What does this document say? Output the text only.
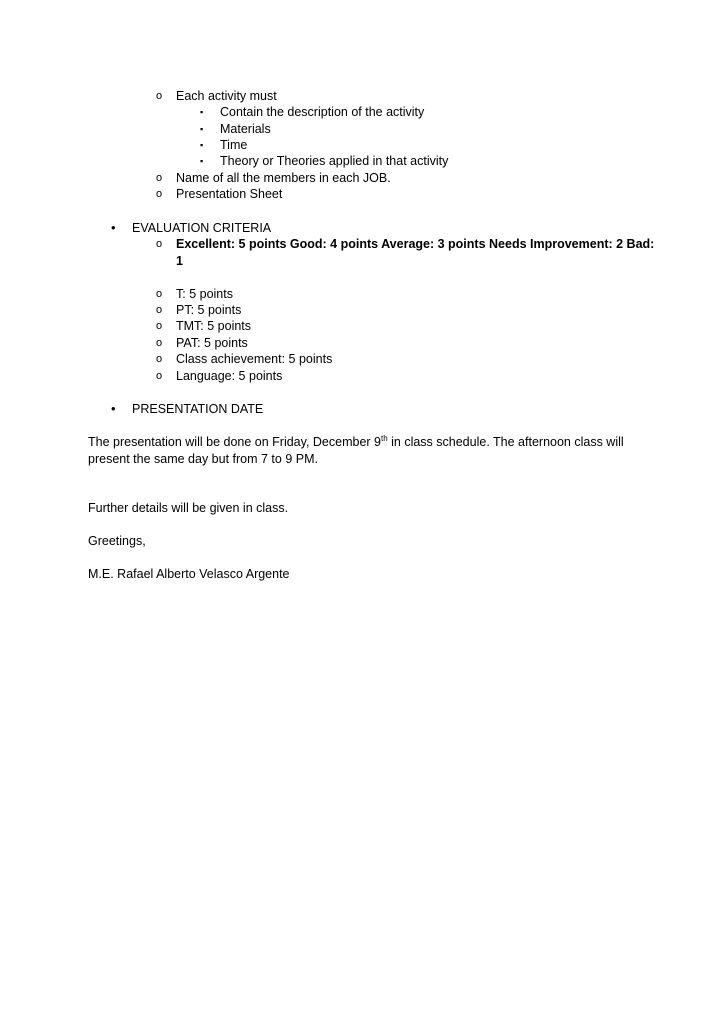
o Each activity must
▪ Contain the description of the activity
▪ Materials
▪ Time
▪ Theory or Theories applied in that activity
o Name of all the members in each JOB.
o Presentation Sheet
• EVALUATION CRITERIA
o Excellent: 5 points Good: 4 points Average: 3 points Needs Improvement: 2 Bad:
1
o T: 5 points
o PT: 5 points
o TMT: 5 points
o PAT: 5 points
o Class achievement: 5 points
o Language: 5 points
• PRESENTATION DATE
The presentation will be done on Friday, December 9th in class schedule. The afternoon class will present the same day but from 7 to 9 PM.
Further details will be given in class.
Greetings,
M.E. Rafael Alberto Velasco Argente
